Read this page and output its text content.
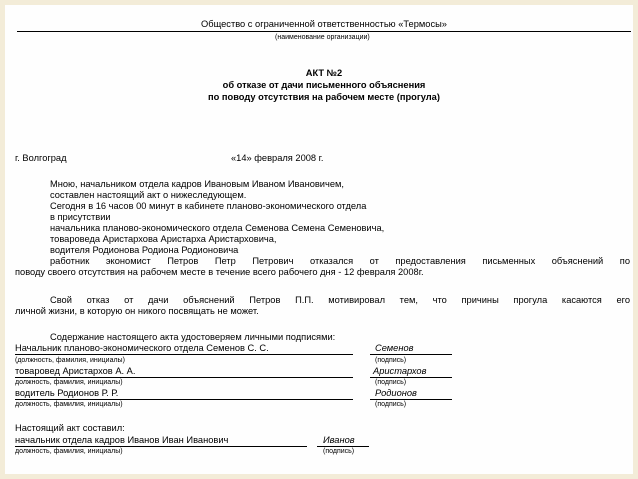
Общество с ограниченной ответственностью «Термосы»
(наименование организации)
АКТ №2
об отказе от дачи письменного объяснения
по поводу отсутствия на рабочем месте (прогула)
г. Волгоград	«14» февраля 2008 г.
Мною, начальником отдела кадров Ивановым Иваном Ивановичем,
составлен настоящий акт о нижеследующем.
Сегодня в 16 часов 00 минут в кабинете планово-экономического отдела
в присутствии
начальника планово-экономического отдела Семенова Семена Семеновича,
товароведа Аристархова Аристарха Аристарховича,
водителя Родионова Родиона Родионовича
работник экономист Петров Петр Петрович отказался от предоставления письменных объяснений по
поводу своего отсутствия на рабочем месте в течение всего рабочего дня - 12 февраля 2008г.
Свой отказ от дачи объяснений Петров П.П. мотивировал тем, что причины прогула касаются его
личной жизни, в которую он никого посвящать не может.
Содержание настоящего акта удостоверяем личными подписями:
Начальник планово-экономического отдела Семенов С. С.	Семенов
(должность, фамилия, инициалы)	(подпись)
товаровед Аристархов А. А.	Аристархов
должность, фамилия, инициалы)	(подпись)
водитель Родионов Р. Р.	Родионов
должность, фамилия, инициалы)	(подпись)
Настоящий акт составил:
начальник отдела кадров Иванов Иван Иванович	Иванов
должность, фамилия, инициалы)	(подпись)
